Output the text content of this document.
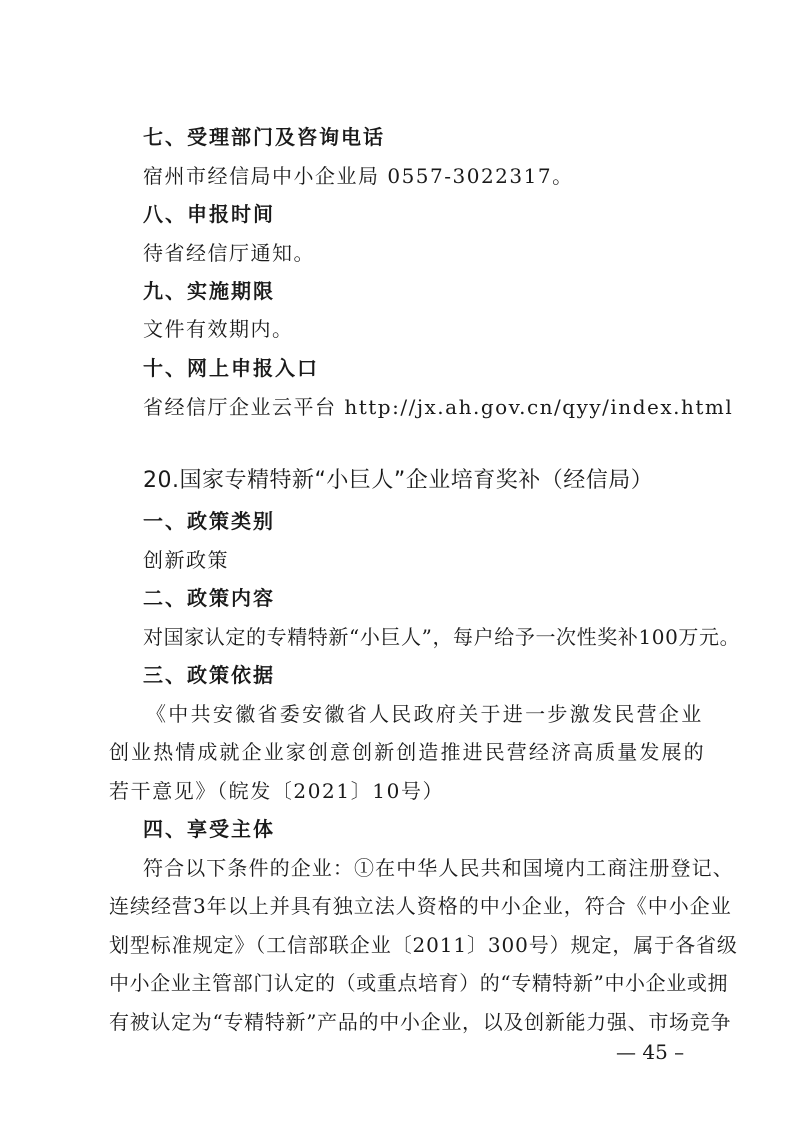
七、受理部门及咨询电话
宿州市经信局中小企业局 0557-3022317。
八、申报时间
待省经信厅通知。
九、实施期限
文件有效期内。
十、网上申报入口
省经信厅企业云平台 http://jx.ah.gov.cn/qyy/index.html
20.国家专精特新“小巨人”企业培育奖补（经信局）
一、政策类别
创新政策
二、政策内容
对国家认定的专精特新“小巨人”，每户给予一次性奖补100万元。
三、政策依据
《中共安徽省委安徽省人民政府关于进一步激发民营企业
创业热情成就企业家创意创新创造推进民营经济高质量发展的
若干意见》（皖发〔2021〕10号）
四、享受主体
符合以下条件的企业：①在中华人民共和国境内工商注册登记、
连续经营3年以上并具有独立法人资格的中小企业，符合《中小企业
划型标准规定》（工信部联企业〔2011〕300号）规定，属于各省级
中小企业主管部门认定的（或重点培育）的“专精特新”中小企业或拥
有被认定为“专精特新”产品的中小企业，以及创新能力强、市场竞争
— 45 –
